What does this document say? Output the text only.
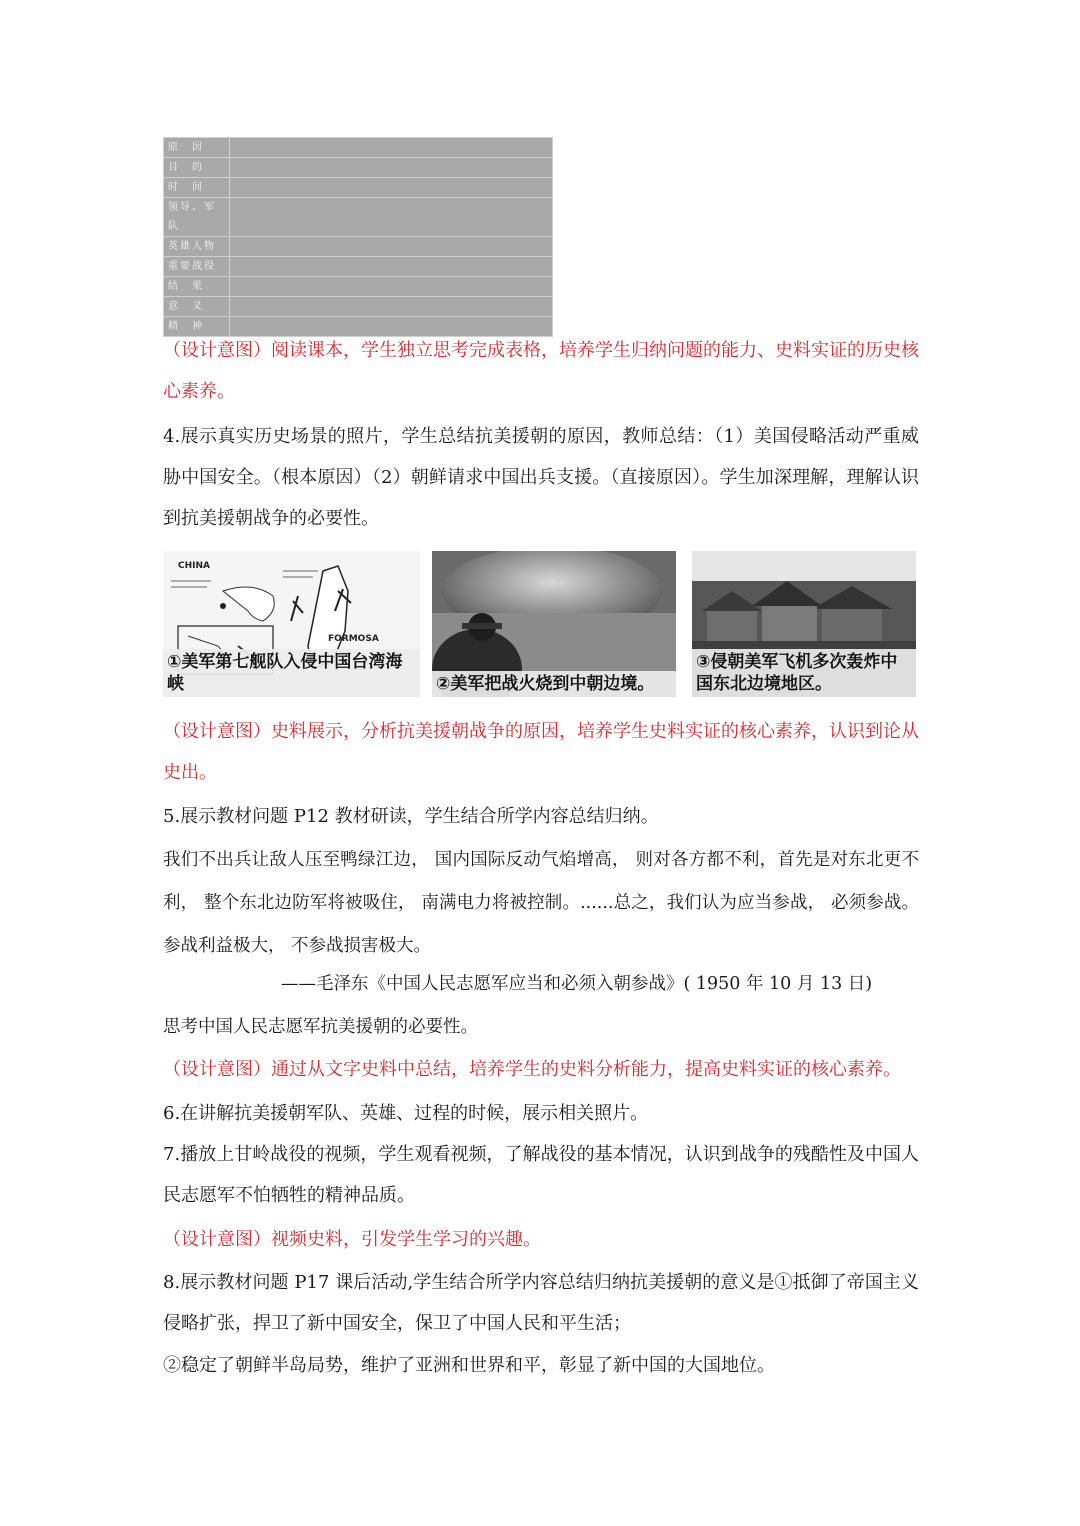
原　因	
目　的	
时　间	
领导、军队	
英雄人物	
重要战役	
结　果	
意　义	
精　神	

（设计意图）阅读课本，学生独立思考完成表格，培养学生归纳问题的能力、史料实证的历史核心素养。

4.展示真实历史场景的照片，学生总结抗美援朝的原因，教师总结：（1）美国侵略活动严重威胁中国安全。（根本原因）（2）朝鲜请求中国出兵支援。（直接原因）。学生加深理解，理解认识到抗美援朝战争的必要性。

CHINA
FORMOSA
①美军第七舰队入侵中国台湾海峡	②美军把战火烧到中朝边境。
③侵朝美军飞机多次轰炸中国东北边境地区。

（设计意图）史料展示，分析抗美援朝战争的原因，培养学生史料实证的核心素养，认识到论从史出。

5.展示教材问题 P12 教材研读，学生结合所学内容总结归纳。

我们不出兵让敌人压至鸭绿江边， 国内国际反动气焰增高， 则对各方都不利，首先是对东北更不利， 整个东北边防军将被吸住， 南满电力将被控制。......总之，我们认为应当参战， 必须参战。参战利益极大， 不参战损害极大。

——毛泽东《中国人民志愿军应当和必须入朝参战》( 1950 年 10 月 13 日)

思考中国人民志愿军抗美援朝的必要性。

（设计意图）通过从文字史料中总结，培养学生的史料分析能力，提高史料实证的核心素养。

6.在讲解抗美援朝军队、英雄、过程的时候，展示相关照片。

7.播放上甘岭战役的视频，学生观看视频，了解战役的基本情况，认识到战争的残酷性及中国人民志愿军不怕牺牲的精神品质。

（设计意图）视频史料，引发学生学习的兴趣。

8.展示教材问题 P17 课后活动,学生结合所学内容总结归纳抗美援朝的意义是①抵御了帝国主义侵略扩张，捍卫了新中国安全，保卫了中国人民和平生活；

②稳定了朝鲜半岛局势，维护了亚洲和世界和平，彰显了新中国的大国地位。
